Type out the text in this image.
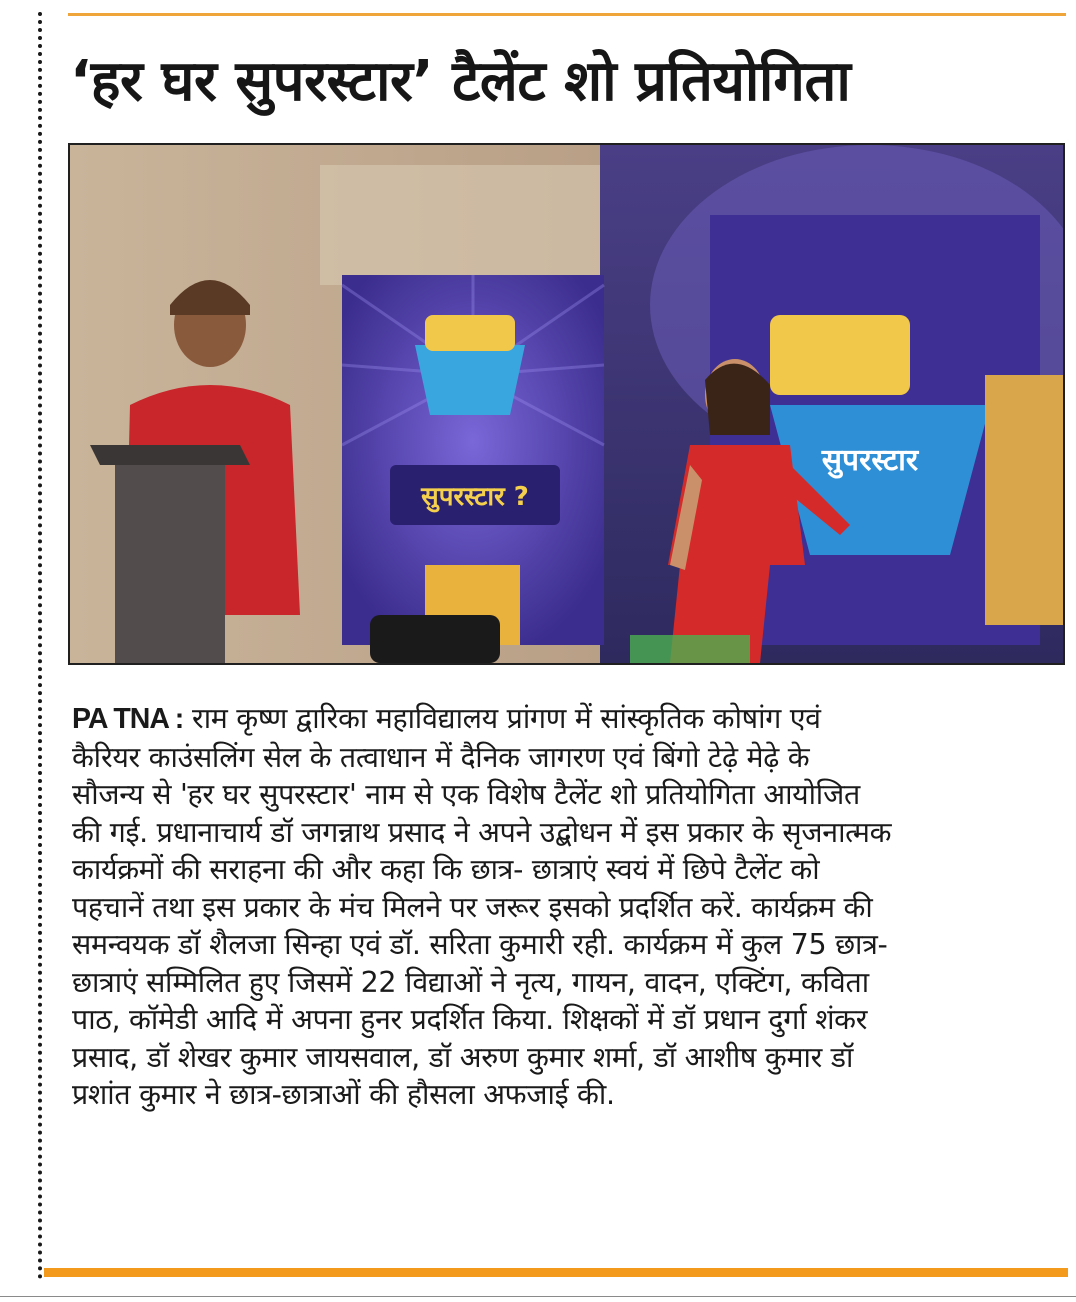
‘हर घर सुपरस्टार’ टैलेंट शो प्रतियोगिता
सुपरस्टार ?
सुपरस्टार

PA TNA : राम कृष्ण द्वारिका महाविद्यालय प्रांगण में सांस्कृतिक कोषांग एवं

कैरियर काउंसलिंग सेल के तत्वाधान में दैनिक जागरण एवं बिंगो टेढ़े मेढ़े के

सौजन्य से 'हर घर सुपरस्टार' नाम से एक विशेष टैलेंट शो प्रतियोगिता आयोजित

की गई. प्रधानाचार्य डॉ जगन्नाथ प्रसाद ने अपने उद्बोधन में इस प्रकार के सृजनात्मक

कार्यक्रमों की सराहना की और कहा कि छात्र- छात्राएं स्वयं में छिपे टैलेंट को

पहचानें तथा इस प्रकार के मंच मिलने पर जरूर इसको प्रदर्शित करें. कार्यक्रम की

समन्वयक डॉ शैलजा सिन्हा एवं डॉ. सरिता कुमारी रही. कार्यक्रम में कुल 75 छात्र-

छात्राएं सम्मिलित हुए जिसमें 22 विद्याओं ने नृत्य, गायन, वादन, एक्टिंग, कविता

पाठ, कॉमेडी आदि में अपना हुनर प्रदर्शित किया. शिक्षकों में डॉ प्रधान दुर्गा शंकर

प्रसाद, डॉ शेखर कुमार जायसवाल, डॉ अरुण कुमार शर्मा, डॉ आशीष कुमार डॉ

प्रशांत कुमार ने छात्र-छात्राओं की हौसला अफजाई की.
